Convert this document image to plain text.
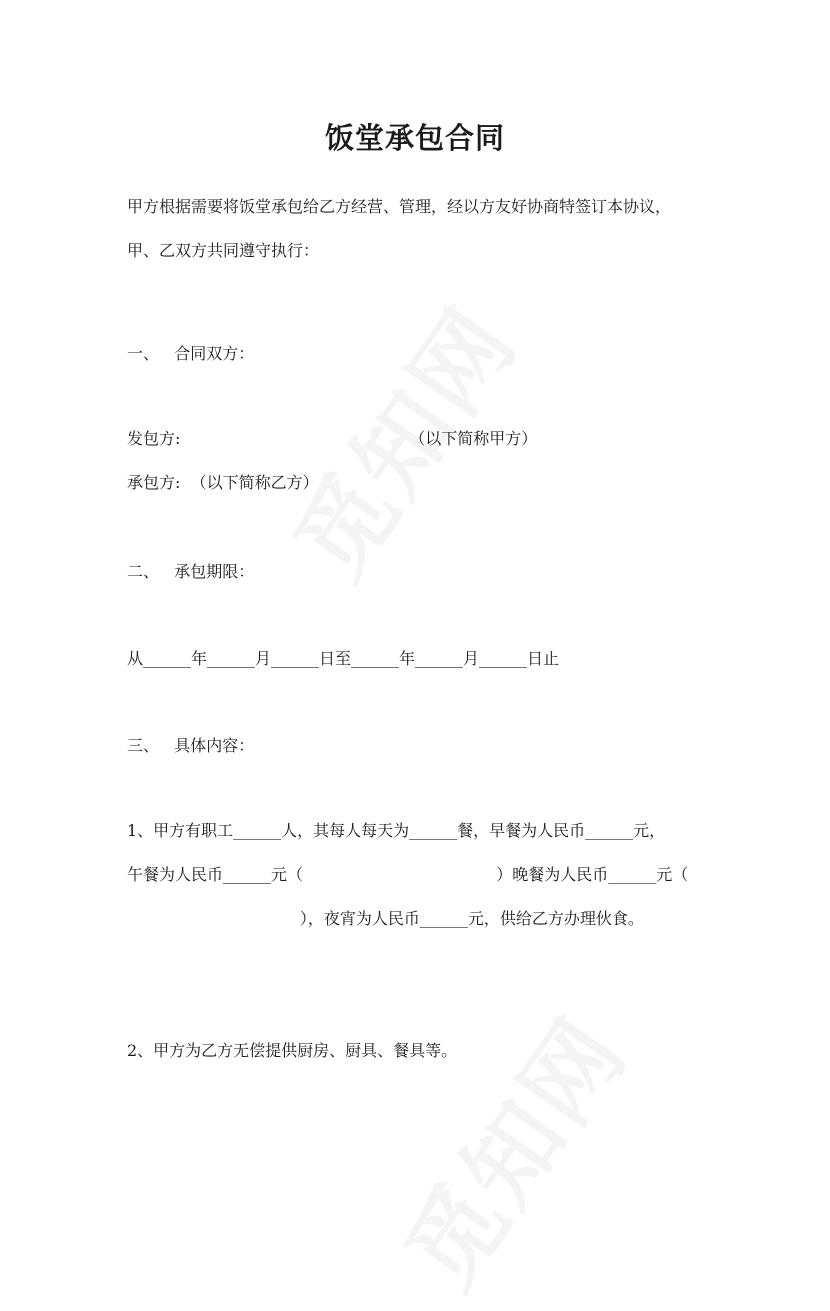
饭堂承包合同
甲方根据需要将饭堂承包给乙方经营、管理，经以方友好协商特签订本协议，
甲、乙双方共同遵守执行：
一、   合同双方：
发包方:                                             （以下简称甲方）
承包方:  （以下简称乙方）
二、   承包期限：
从______年______月______日至______年______月______日止
三、   具体内容：
1、甲方有职工______人，其每人每天为______餐，早餐为人民币______元，
午餐为人民币______元（                                      ）晚餐为人民币______元（
），夜宵为人民币______元，供给乙方办理伙食。
2、甲方为乙方无偿提供厨房、厨具、餐具等。
